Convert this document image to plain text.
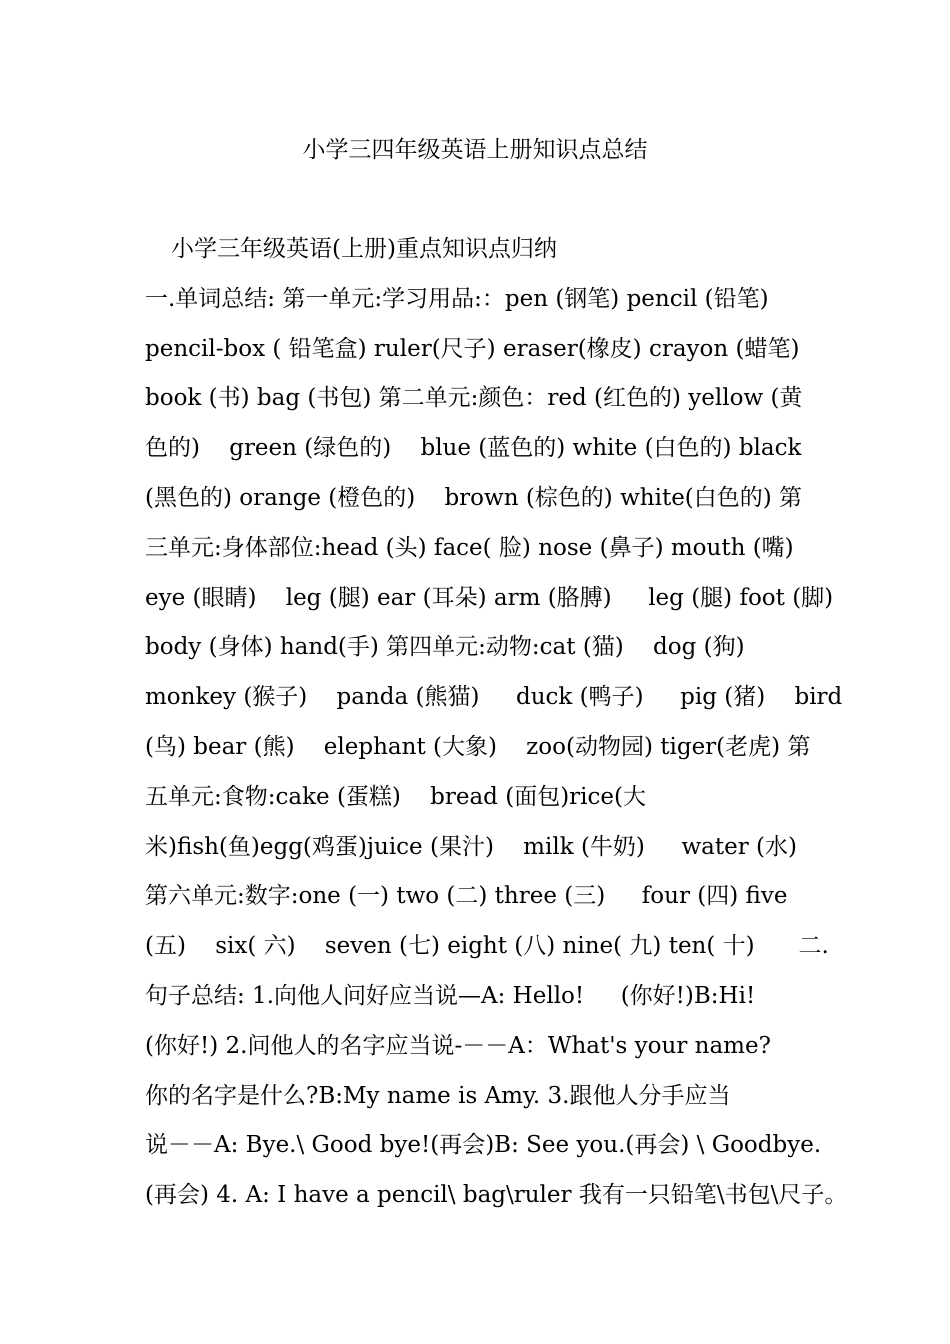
小学三四年级英语上册知识点总结
小学三年级英语(上册)重点知识点归纳
一.单词总结: 第一单元:学习用品:：pen (钢笔) pencil (铅笔)
pencil-box ( 铅笔盒) ruler(尺子) eraser(橡皮) crayon (蜡笔)
book (书) bag (书包) 第二单元:颜色：red (红色的) yellow (黄
色的)    green (绿色的)    blue (蓝色的) white (白色的) black
(黑色的) orange (橙色的)    brown (棕色的) white(白色的) 第
三单元:身体部位:head (头) face( 脸) nose (鼻子) mouth (嘴)
eye (眼睛)    leg (腿) ear (耳朵) arm (胳膊)     leg (腿) foot (脚)
body (身体) hand(手) 第四单元:动物:cat (猫)    dog (狗)
monkey (猴子)    panda (熊猫)     duck (鸭子)     pig (猪)    bird
(鸟) bear (熊)    elephant (大象)    zoo(动物园) tiger(老虎) 第
五单元:食物:cake (蛋糕)    bread (面包)rice(大
米)fish(鱼)egg(鸡蛋)juice (果汁)    milk (牛奶)     water (水)
第六单元:数字:one (一) two (二) three (三)     four (四) five
(五)    six( 六)    seven (七) eight (八) nine( 九) ten( 十)      二.
句子总结: 1.向他人问好应当说—A: Hello!     (你好!)B:Hi!
(你好!) 2.问他人的名字应当说-－－A：What's your name?
你的名字是什么?B:My name is Amy. 3.跟他人分手应当
说－－A: Bye.\ Good bye!(再会)B: See you.(再会) \ Goodbye.
(再会) 4. A: I have a pencil\ bag\ruler 我有一只铅笔\书包\尺子。
